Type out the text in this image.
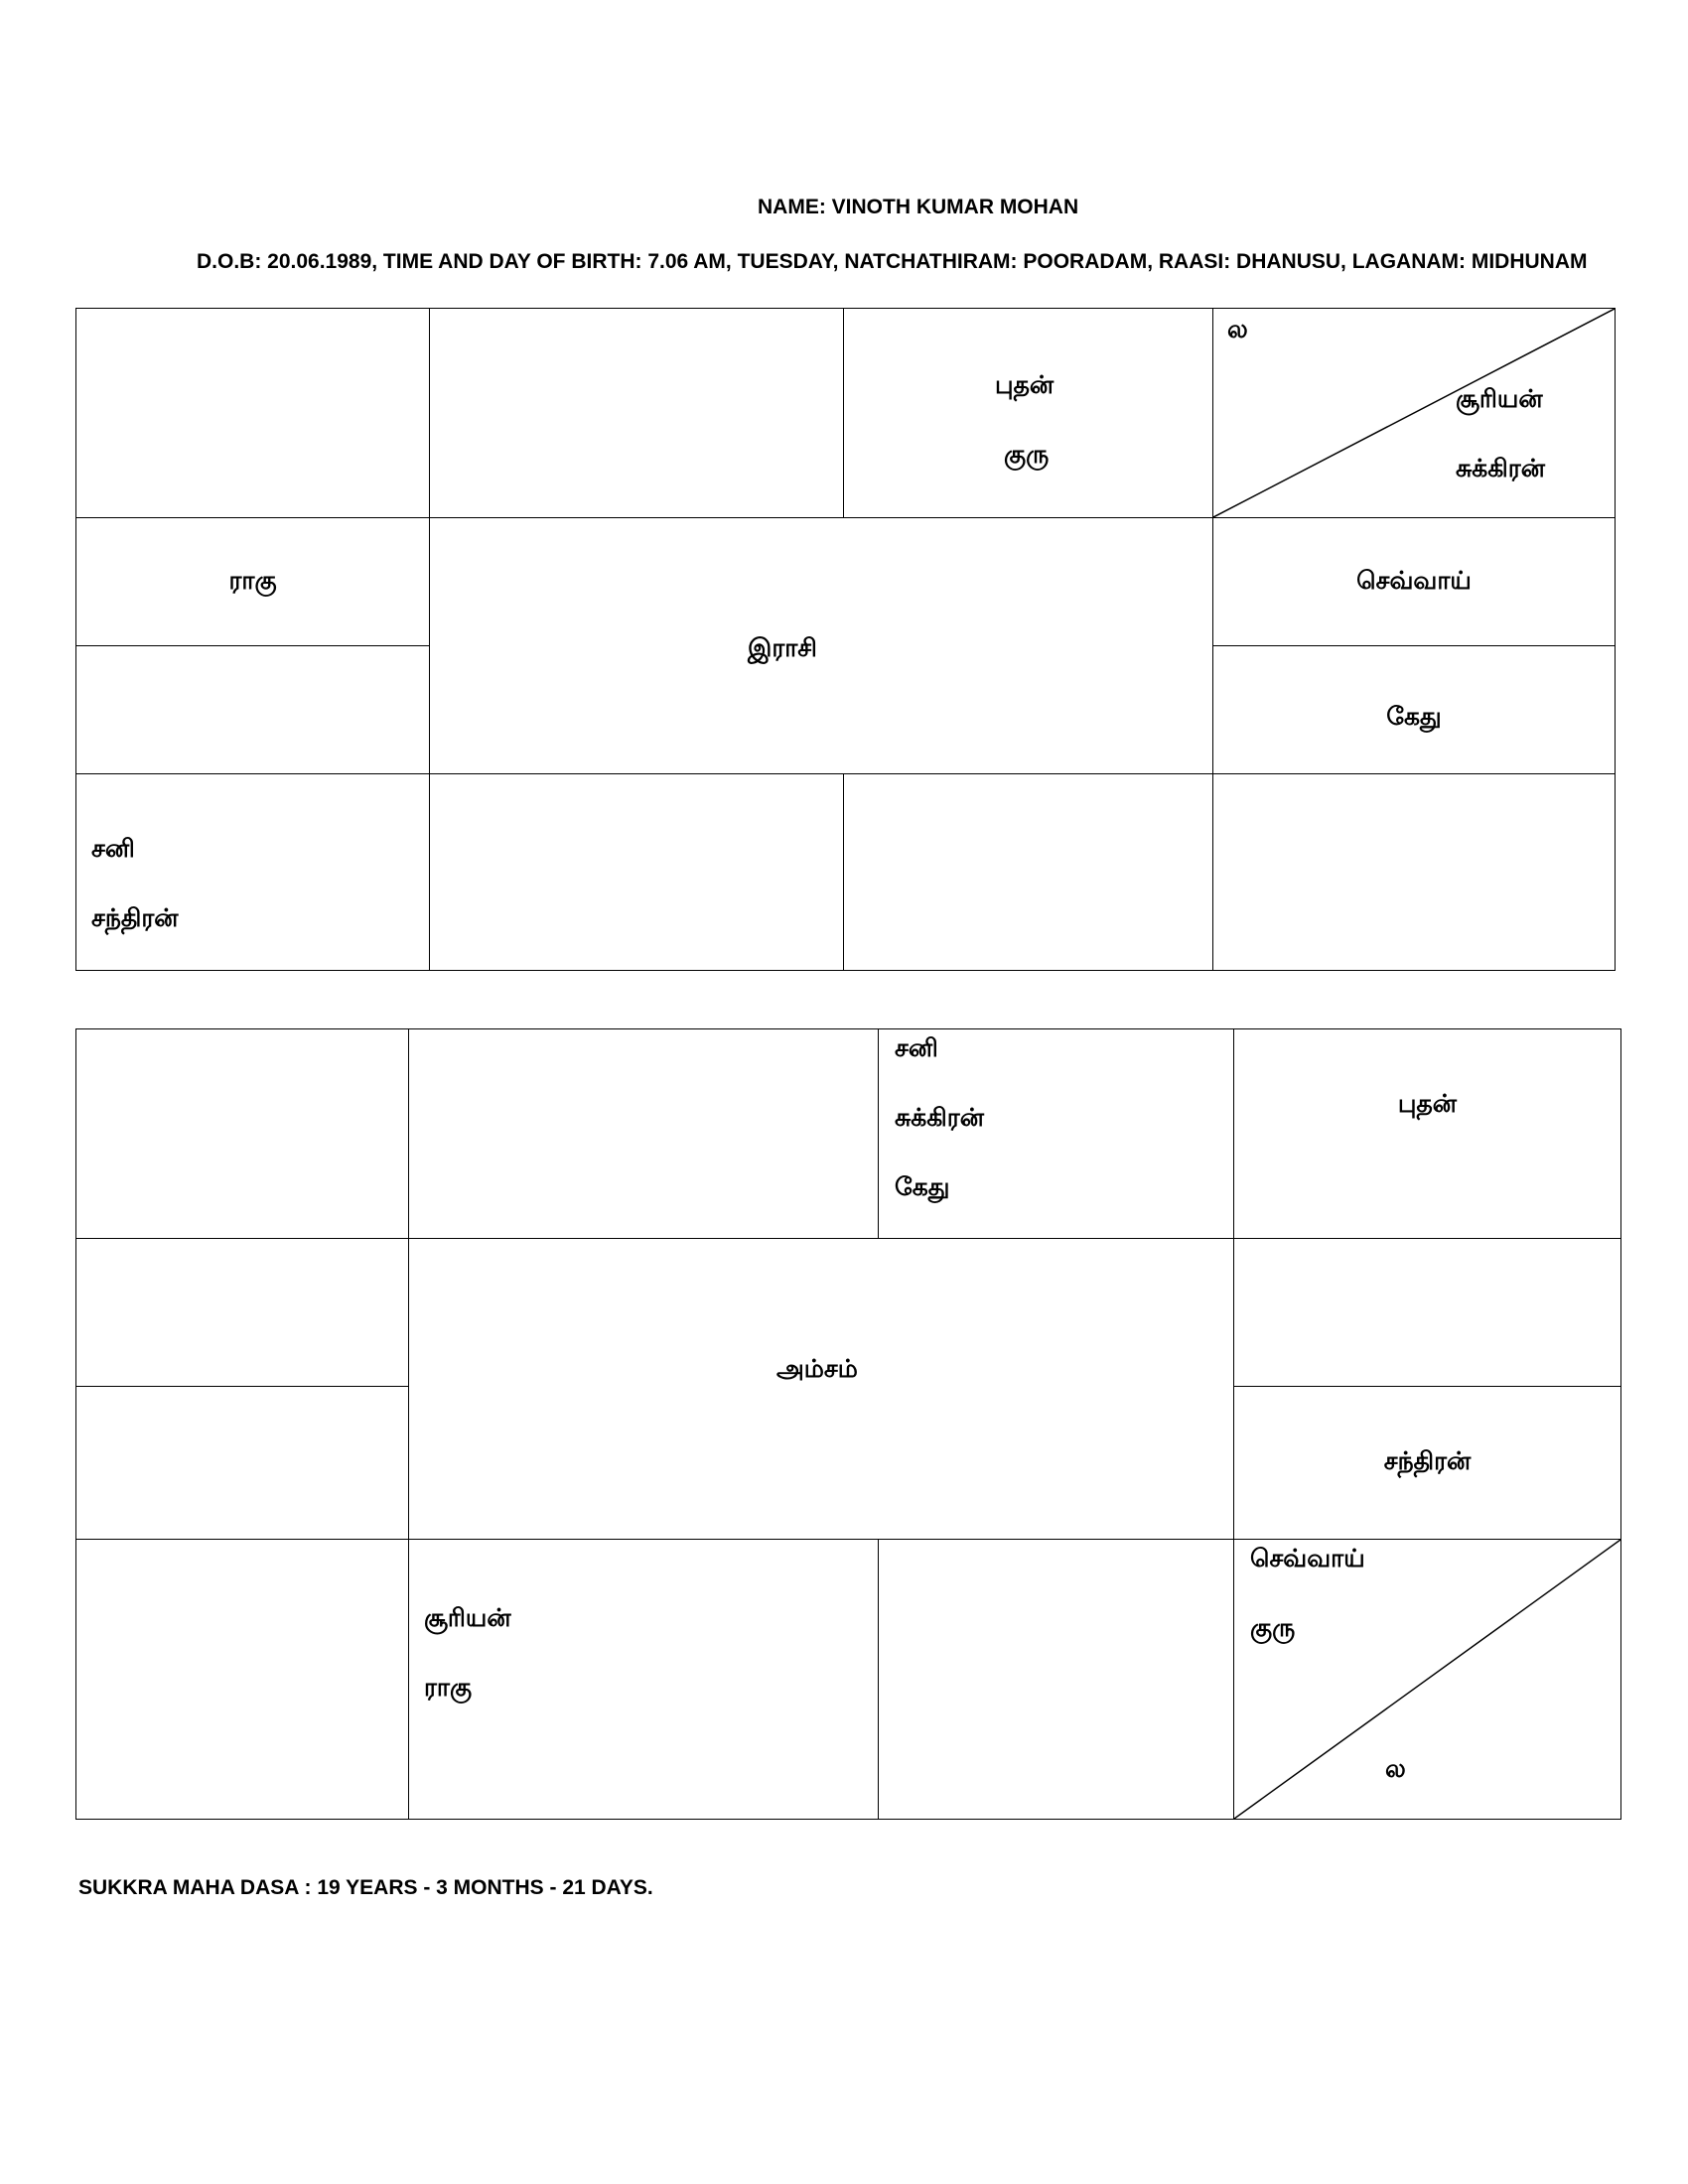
NAME: VINOTH KUMAR MOHAN
D.O.B: 20.06.1989, TIME AND DAY OF BIRTH: 7.06 AM, TUESDAY, NATCHATHIRAM: POORADAM, RAASI: DHANUSU, LAGANAM: MIDHUNAM
புதன்
குரு
ல
சூரியன்
சுக்கிரன்
ராகு
இராசி
செவ்வாய்
கேது
சனி
சந்திரன்
சனி
சுக்கிரன்
கேது
புதன்
அம்சம்
சந்திரன்
சூரியன்
ராகு
செவ்வாய்
குரு
ல
SUKKRA MAHA DASA : 19 YEARS - 3 MONTHS - 21 DAYS.
